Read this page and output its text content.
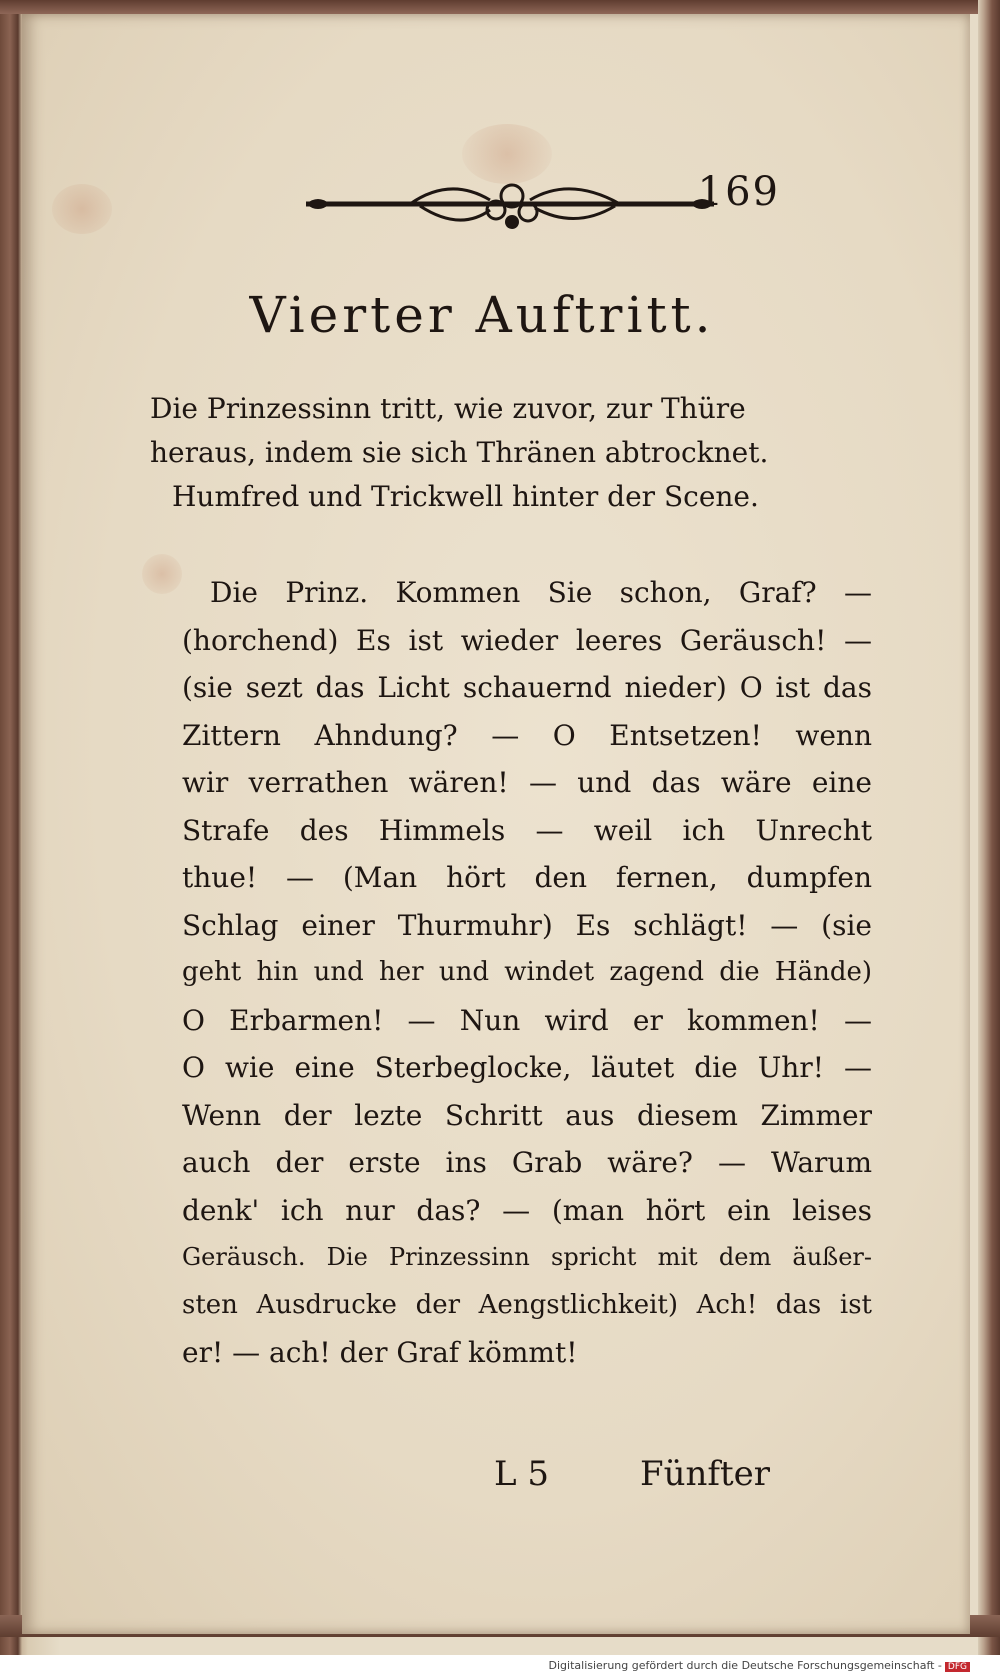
169
Vierter Auftritt.
Die Prinzessinn tritt, wie zuvor, zur Thüre
heraus, indem sie sich Thränen abtrocknet.
Humfred und Trickwell hinter der Scene.
Die Prinz. Kommen Sie schon, Graf? —
(horchend) Es ist wieder leeres Geräusch! —
(sie sezt das Licht schauernd nieder) O ist das
Zittern Ahndung? — O Entsetzen! wenn
wir verrathen wären! — und das wäre eine
Strafe des Himmels — weil ich Unrecht
thue! — (Man hört den fernen, dumpfen
Schlag einer Thurmuhr) Es schlägt! — (sie
geht hin und her und windet zagend die Hände)
O Erbarmen! — Nun wird er kommen! —
O wie eine Sterbeglocke, läutet die Uhr! —
Wenn der lezte Schritt aus diesem Zimmer
auch der erste ins Grab wäre? — Warum
denk' ich nur das? — (man hört ein leises
Geräusch. Die Prinzessinn spricht mit dem äußer-
sten Ausdrucke der Aengstlichkeit) Ach! das ist
er! — ach! der Graf kömmt!
L 5	Fünfter
Digitalisierung gefördert durch die Deutsche Forschungsgemeinschaft - DFG
